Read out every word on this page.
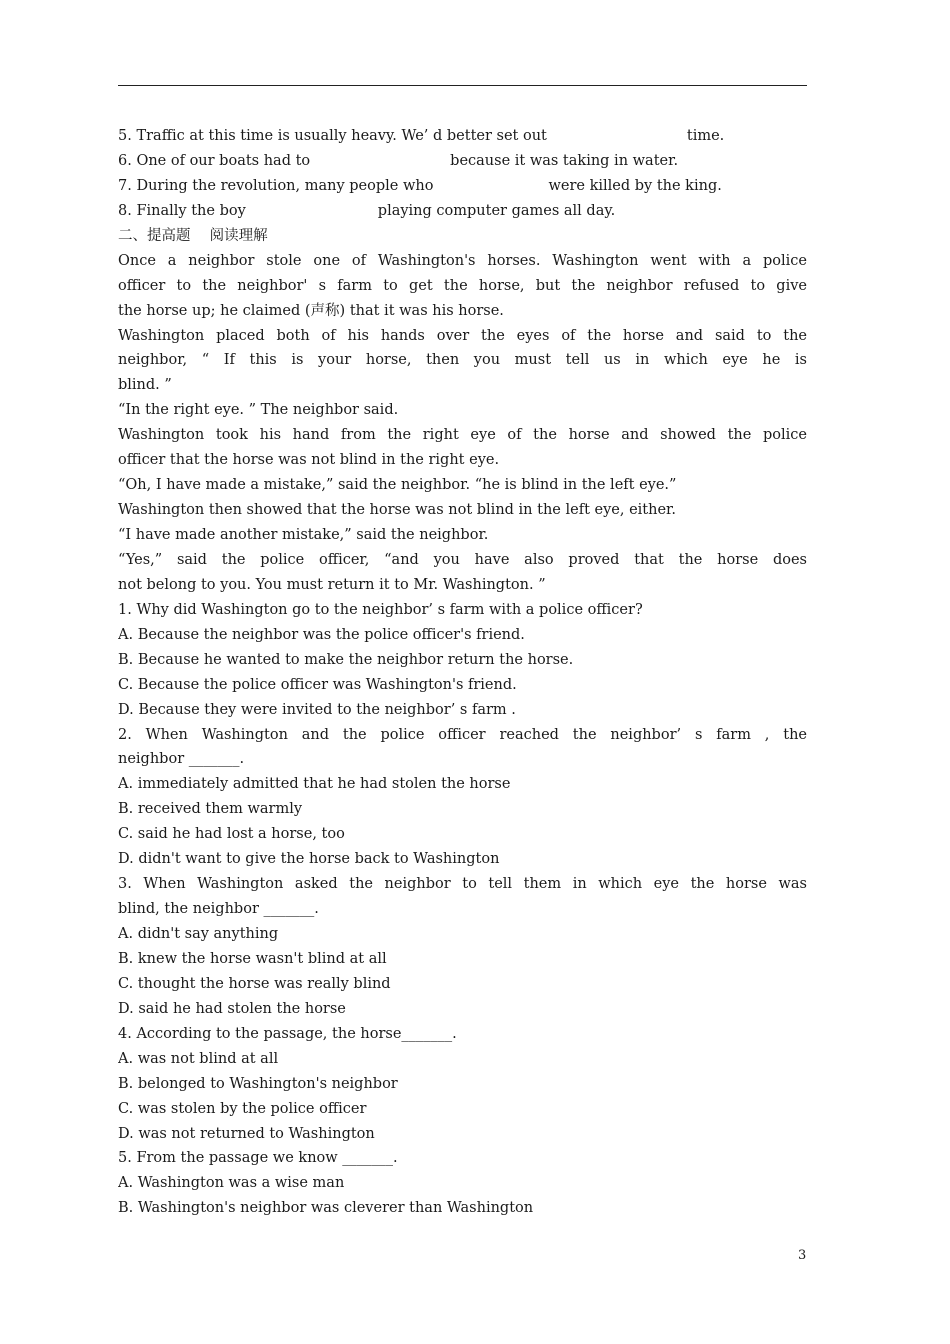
5. Traffic at this time is usually heavy. We’ d better set out	time.
6. One of our boats had to	because it was taking in water.
7. During the revolution, many people who	were killed by the king.
8. Finally the boy	playing computer games all day.
二、提高题　 阅读理解
Once a neighbor stole one of Washington's horses. Washington went with a police
officer to the neighbor' s farm to get the horse, but the neighbor refused to give
the horse up; he claimed (声称) that it was his horse.
Washington placed both of his hands over the eyes of the horse and said to the
neighbor, “ If this is your horse, then you must tell us in which eye he is
blind. ”
“In the right eye. ” The neighbor said.
Washington took his hand from the right eye of the horse and showed the police
officer that the horse was not blind in the right eye.
“Oh, I have made a mistake,” said the neighbor. “he is blind in the left eye.”
Washington then showed that the horse was not blind in the left eye, either.
“I have made another mistake,” said the neighbor.
“Yes,” said the police officer, “and you have also proved that the horse does
not belong to you. You must return it to Mr. Washington. ”
1. Why did Washington go to the neighbor’ s farm with a police officer?
A. Because the neighbor was the police officer's friend.
B. Because he wanted to make the neighbor return the horse.
C. Because the police officer was Washington's friend.
D. Because they were invited to the neighbor’ s farm .
2. When Washington and the police officer reached the neighbor’ s farm , the
neighbor _______.
A. immediately admitted that he had stolen the horse
B. received them warmly
C. said he had lost a horse, too
D. didn't want to give the horse back to Washington
3. When Washington asked the neighbor to tell them in which eye the horse was
blind, the neighbor _______.
A. didn't say anything
B. knew the horse wasn't blind at all
C. thought the horse was really blind
D. said he had stolen the horse
4. According to the passage, the horse_______.
A. was not blind at all
B. belonged to Washington's neighbor
C. was stolen by the police officer
D. was not returned to Washington
5. From the passage we know _______.
A. Washington was a wise man
B. Washington's neighbor was cleverer than Washington
3
